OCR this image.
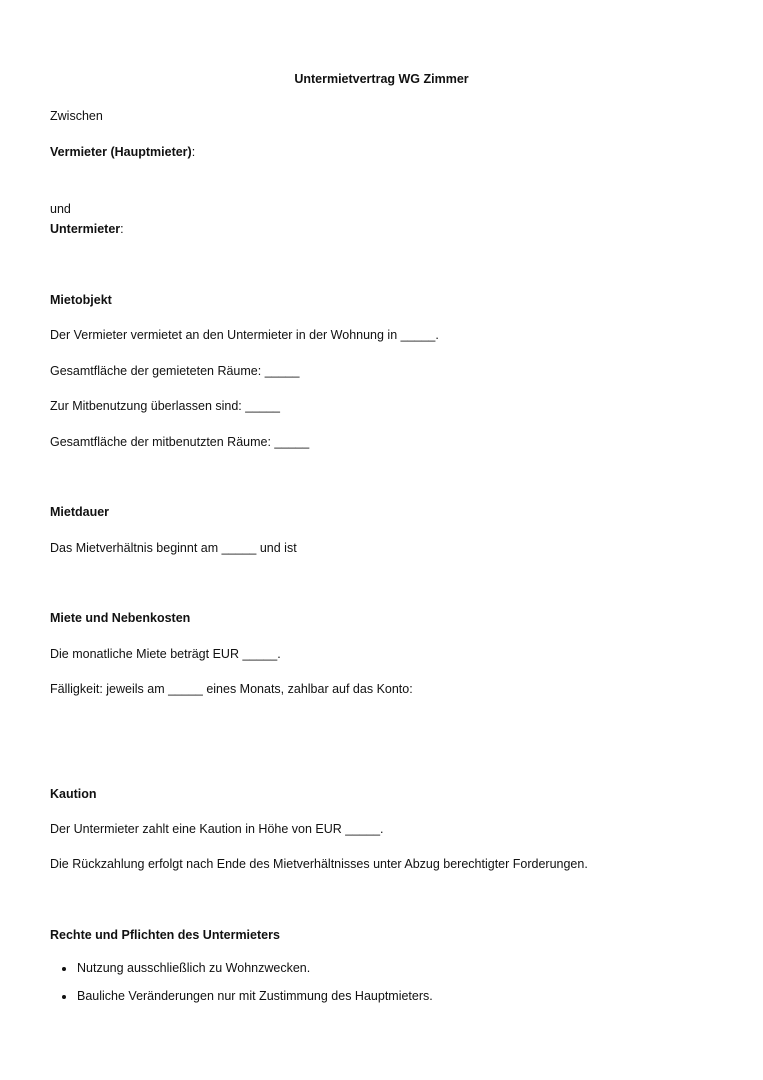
Untermietvertrag WG Zimmer
Zwischen
Vermieter (Hauptmieter):
und
Untermieter:
Mietobjekt
Der Vermieter vermietet an den Untermieter in der Wohnung in _____.
Gesamtfläche der gemieteten Räume: _____
Zur Mitbenutzung überlassen sind: _____
Gesamtfläche der mitbenutzten Räume: _____
Mietdauer
Das Mietverhältnis beginnt am _____ und ist
Miete und Nebenkosten
Die monatliche Miete beträgt EUR _____.
Fälligkeit: jeweils am _____ eines Monats, zahlbar auf das Konto:
Kaution
Der Untermieter zahlt eine Kaution in Höhe von EUR _____.
Die Rückzahlung erfolgt nach Ende des Mietverhältnisses unter Abzug berechtigter Forderungen.
Rechte und Pflichten des Untermieters
Nutzung ausschließlich zu Wohnzwecken.
Bauliche Veränderungen nur mit Zustimmung des Hauptmieters.
